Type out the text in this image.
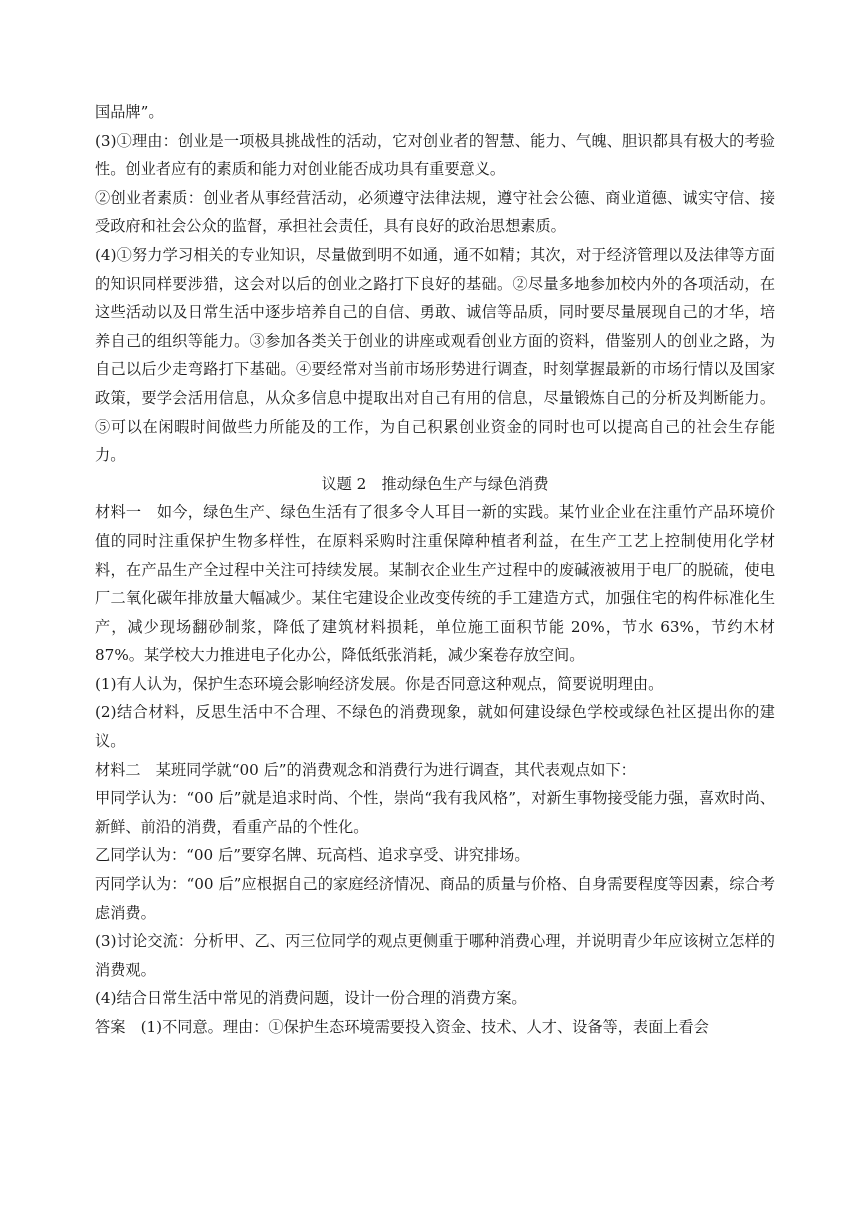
国品牌”。

(3)①理由：创业是一项极具挑战性的活动，它对创业者的智慧、能力、气魄、胆识都具有极大的考验性。创业者应有的素质和能力对创业能否成功具有重要意义。

②创业者素质：创业者从事经营活动，必须遵守法律法规，遵守社会公德、商业道德、诚实守信、接受政府和社会公众的监督，承担社会责任，具有良好的政治思想素质。

(4)①努力学习相关的专业知识，尽量做到明不如通，通不如精；其次，对于经济管理以及法律等方面的知识同样要涉猎，这会对以后的创业之路打下良好的基础。②尽量多地参加校内外的各项活动，在这些活动以及日常生活中逐步培养自己的自信、勇敢、诚信等品质，同时要尽量展现自己的才华，培养自己的组织等能力。③参加各类关于创业的讲座或观看创业方面的资料，借鉴别人的创业之路，为自己以后少走弯路打下基础。④要经常对当前市场形势进行调查，时刻掌握最新的市场行情以及国家政策，要学会活用信息，从众多信息中提取出对自己有用的信息，尽量锻炼自己的分析及判断能力。⑤可以在闲暇时间做些力所能及的工作，为自己积累创业资金的同时也可以提高自己的社会生存能力。

议题 2　推动绿色生产与绿色消费

材料一　如今，绿色生产、绿色生活有了很多令人耳目一新的实践。某竹业企业在注重竹产品环境价值的同时注重保护生物多样性，在原料采购时注重保障种植者利益，在生产工艺上控制使用化学材料，在产品生产全过程中关注可持续发展。某制衣企业生产过程中的废碱液被用于电厂的脱硫，使电厂二氧化碳年排放量大幅减少。某住宅建设企业改变传统的手工建造方式，加强住宅的构件标准化生产，减少现场翻砂制浆，降低了建筑材料损耗，单位施工面积节能 20%，节水 63%，节约木材 87%。某学校大力推进电子化办公，降低纸张消耗，减少案卷存放空间。

(1)有人认为，保护生态环境会影响经济发展。你是否同意这种观点，简要说明理由。

(2)结合材料，反思生活中不合理、不绿色的消费现象，就如何建设绿色学校或绿色社区提出你的建议。

材料二　某班同学就“00 后”的消费观念和消费行为进行调查，其代表观点如下：

甲同学认为：“00 后”就是追求时尚、个性，崇尚“我有我风格”，对新生事物接受能力强，喜欢时尚、新鲜、前沿的消费，看重产品的个性化。

乙同学认为：“00 后”要穿名牌、玩高档、追求享受、讲究排场。

丙同学认为：“00 后”应根据自己的家庭经济情况、商品的质量与价格、自身需要程度等因素，综合考虑消费。

(3)讨论交流：分析甲、乙、丙三位同学的观点更侧重于哪种消费心理，并说明青少年应该树立怎样的消费观。

(4)结合日常生活中常见的消费问题，设计一份合理的消费方案。

答案　(1)不同意。理由：①保护生态环境需要投入资金、技术、人才、设备等，表面上看会
